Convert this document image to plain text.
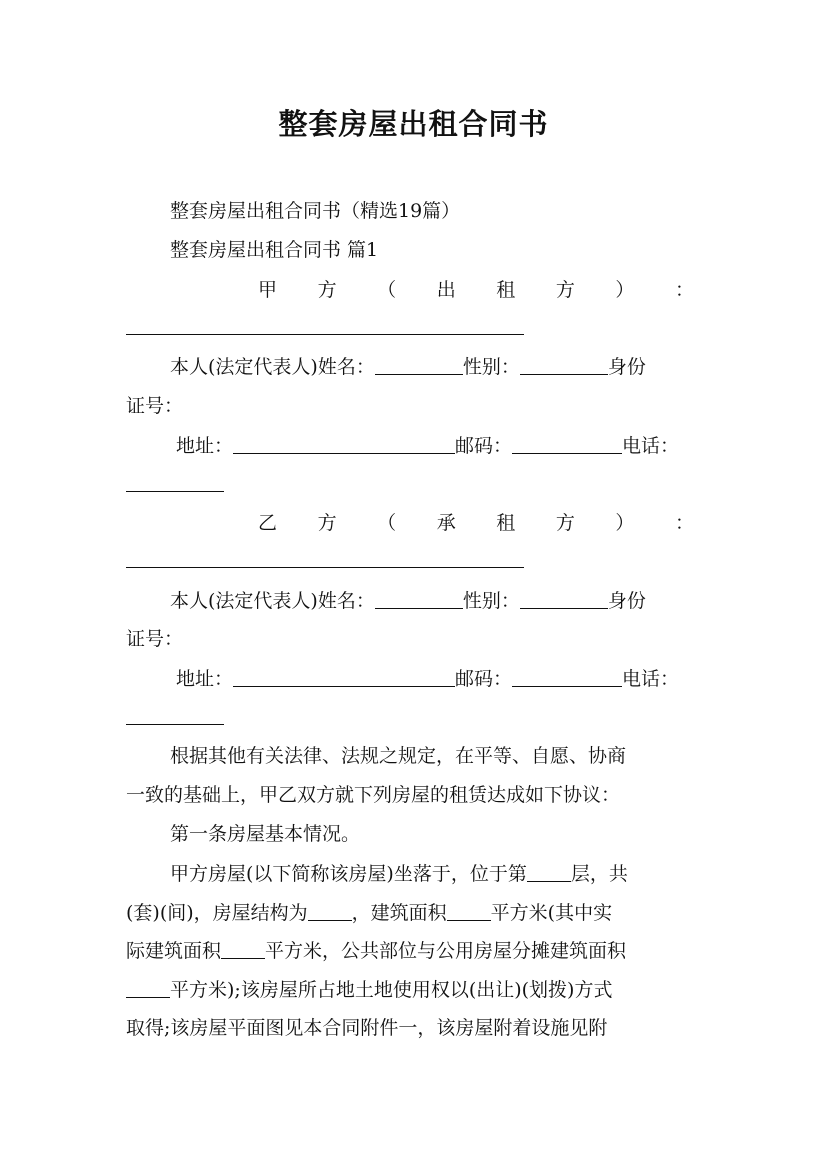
整套房屋出租合同书
整套房屋出租合同书（精选19篇）
整套房屋出租合同书 篇1
甲 方 （ 出 租 方 ） ：
本人(法定代表人)姓名：	性别：	身份
证号：
地址：	邮码：	电话：
乙 方 （ 承 租 方 ） ：
本人(法定代表人)姓名：	性别：	身份
证号：
地址：	邮码：	电话：
根据其他有关法律、法规之规定，在平等、自愿、协商
一致的基础上，甲乙双方就下列房屋的租赁达成如下协议：
第一条房屋基本情况。
甲方房屋(以下简称该房屋)坐落于，位于第 层，共
(套)(间)，房屋结构为 ，建筑面积 平方米(其中实
际建筑面积 平方米，公共部位与公用房屋分摊建筑面积
平方米);该房屋所占地土地使用权以(出让)(划拨)方式
取得;该房屋平面图见本合同附件一，该房屋附着设施见附
